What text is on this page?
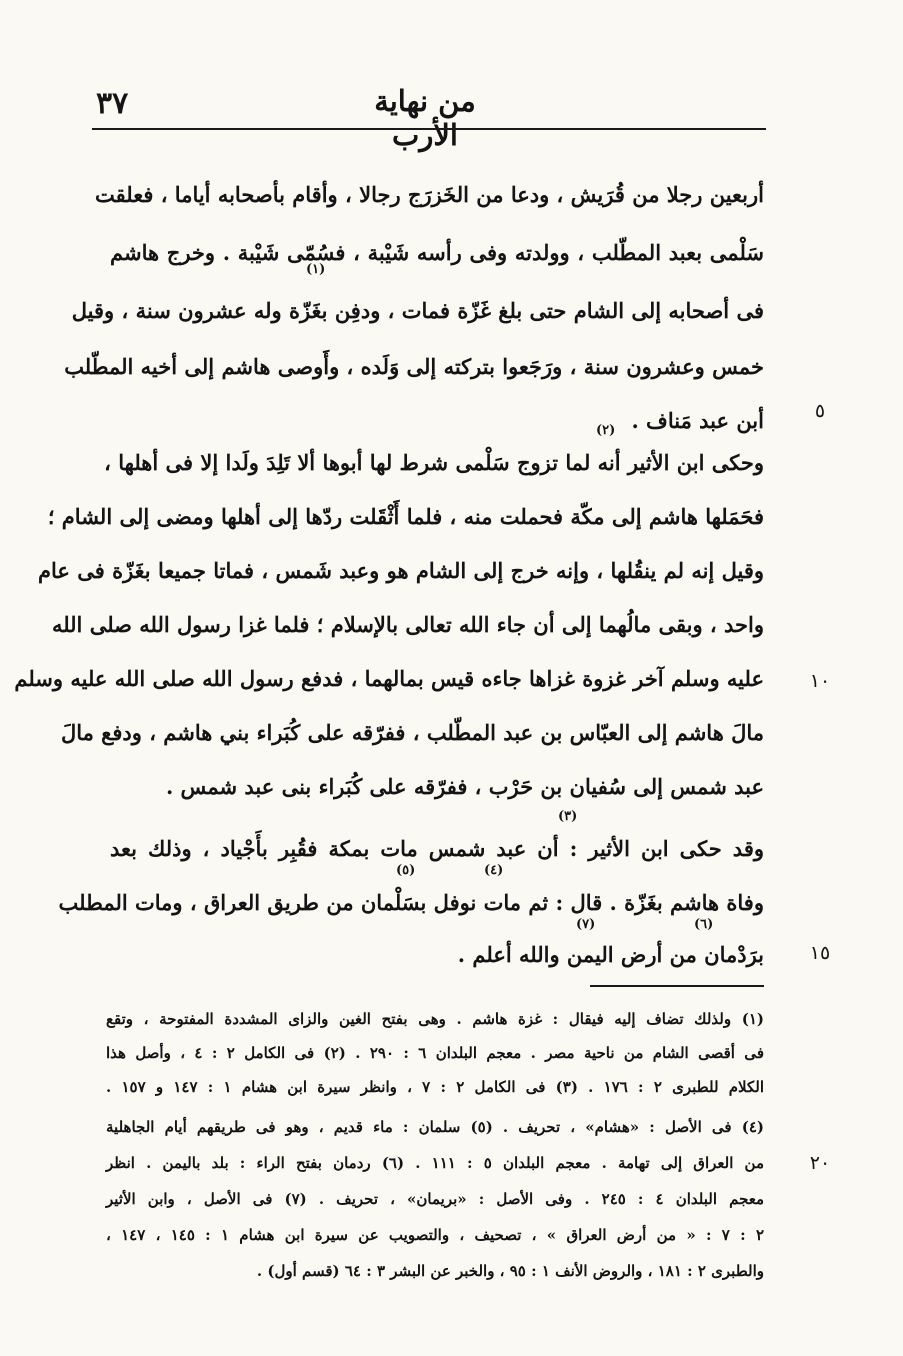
٣٧	من نهاية الأرب
أربعين رجلا من قُرَيش ، ودعا من الخَزرَج رجالا ، وأقام بأصحابه أياما ، فعلقت
سَلْمى بعبد المطّلب ، وولدته وفى رأسه شَيْبة ، فسُمّى شَيْبة . وخرج هاشم
فى أصحابه إلى الشام حتى بلغ غَزّة فمات ، ودفِن بغَزّة وله عشرون سنة ، وقيل
خمس وعشرون سنة ، ورَجَعوا بتركته إلى وَلَده ، وأَوصى هاشم إلى أخيه المطّلب
أبن عبد مَناف .
وحكى ابن الأثير أنه لما تزوج سَلْمى شرط لها أبوها ألا تَلِدَ ولَدا إلا فى أهلها ،
فحَمَلها هاشم إلى مكّة فحملت منه ، فلما أَثْقَلت ردّها إلى أهلها ومضى إلى الشام ؛
وقيل إنه لم ينقُلها ، وإنه خرج إلى الشام هو وعبد شَمس ، فماتا جميعا بغَزّة فى عام
واحد ، وبقى مالُهما إلى أن جاء الله تعالى بالإسلام ؛ فلما غزا رسول الله صلى الله
عليه وسلم آخر غزوة غزاها جاءه قيس بمالهما ، فدفع رسول الله صلى الله عليه وسلم
مالَ هاشم إلى العبّاس بن عبد المطّلب ، ففرّقه على كُبَراء بني هاشم ، ودفع مالَ
عبد شمس إلى سُفيان بن حَرْب ، ففرّقه على كُبَراء بنى عبد شمس .
وقد حكى ابن الأثير : أن عبد شمس مات بمكة فقُبِر بأَجْياد ، وذلك بعد
وفاة هاشم بغَزّة . قال : ثم مات نوفل بسَلْمان من طريق العراق ، ومات المطلب
برَدْمان من أرض اليمن والله أعلم .
(١)
(٢)
(٣)
(٤)
(٥)
(٦)
(٧)
٥
١٠
١٥
٢٠
(١) ولذلك تضاف إليه فيقال : غزة هاشم . وهى بفتح الغين والزاى المشددة المفتوحة ، وتقع
فى أقصى الشام من ناحية مصر . معجم البلدان ٦ : ٢٩٠ . (٢) فى الكامل ٢ : ٤ ، وأصل هذا
الكلام للطبرى ٢ : ١٧٦ . (٣) فى الكامل ٢ : ٧ ، وانظر سيرة ابن هشام ١ : ١٤٧ و ١٥٧ .
(٤) فى الأصل : «هشام» ، تحريف . (٥) سلمان : ماء قديم ، وهو فى طريقهم أيام الجاهلية
من العراق إلى تهامة . معجم البلدان ٥ : ١١١ . (٦) ردمان بفتح الراء : بلد باليمن . انظر
معجم البلدان ٤ : ٢٤٥ . وفى الأصل : «بريمان» ، تحريف . (٧) فى الأصل ، وابن الأثير
٢ : ٧ : « من أرض العراق » ، تصحيف ، والتصويب عن سيرة ابن هشام ١ : ١٤٥ ، ١٤٧ ،
والطبرى ٢ : ١٨١ ، والروض الأنف ١ : ٩٥ ، والخبر عن البشر ٣ : ٦٤ (قسم أول) .
